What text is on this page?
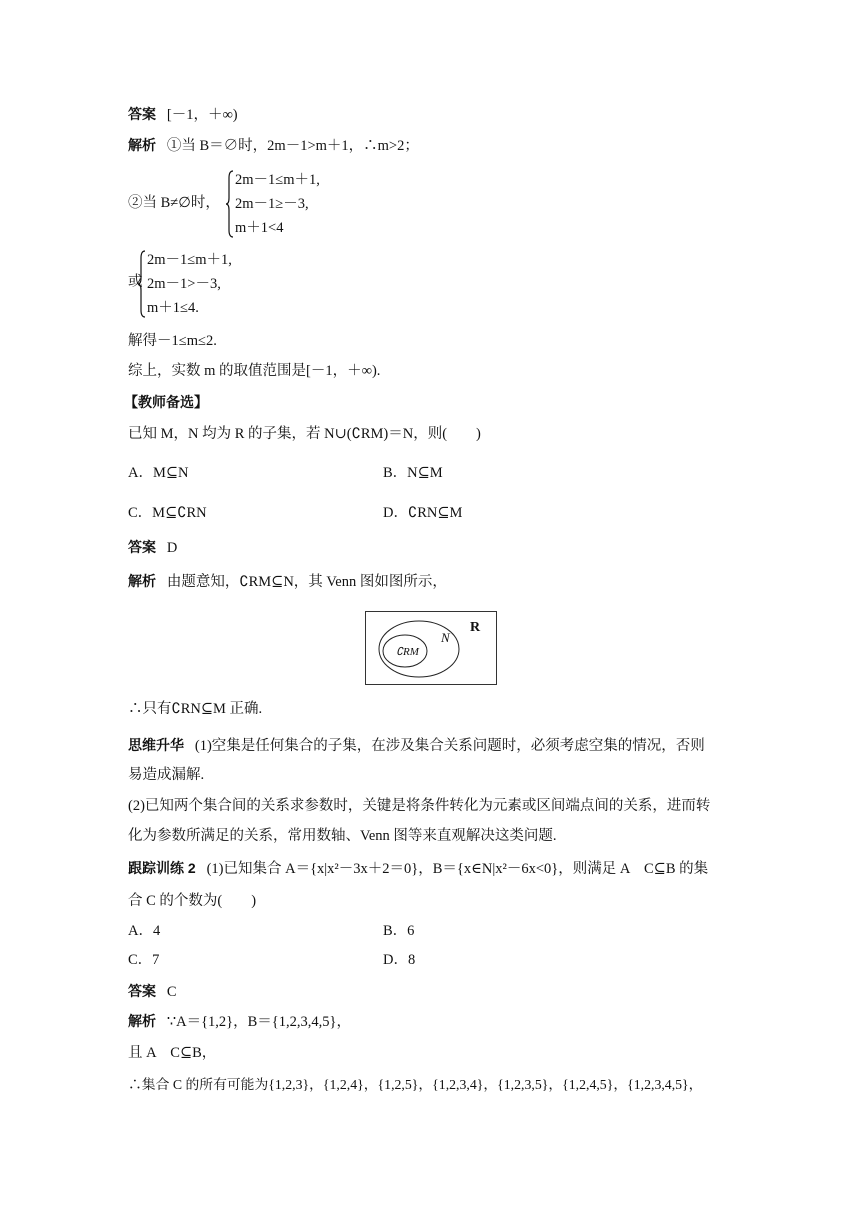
答案 [－1，＋∞)
解析 ①当 B＝∅时，2m－1>m＋1，∴m>2；
②当 B≠∅时，
2m－1≤m＋1,
2m－1≥－3,
m＋1<4
或
2m－1≤m＋1,
2m－1>－3,
m＋1≤4.
解得－1≤m≤2.
综上，实数 m 的取值范围是[－1，＋∞).
【教师备选】
已知 M，N 均为 R 的子集，若 N∪(∁RM)＝N，则(　　)
A．M⊆N	B．N⊆M
C．M⊆∁RN	D．∁RN⊆M
答案 D
解析 由题意知，∁RM⊆N，其 Venn 图如图所示，
R
N
∁RM
∴只有∁RN⊆M 正确.
思维升华 (1)空集是任何集合的子集，在涉及集合关系问题时，必须考虑空集的情况，否则
易造成漏解.
(2)已知两个集合间的关系求参数时，关键是将条件转化为元素或区间端点间的关系，进而转
化为参数所满足的关系，常用数轴、Venn 图等来直观解决这类问题.
跟踪训练 2 (1)已知集合 A＝{x|x²－3x＋2＝0}，B＝{x∈N|x²－6x<0}，则满足 A　C⊆B 的集
合 C 的个数为(　　)
A．4	B．6
C．7	D．8
答案 C
解析 ∵A＝{1,2}，B＝{1,2,3,4,5}，
且 A　C⊆B，
∴集合 C 的所有可能为{1,2,3}，{1,2,4}，{1,2,5}，{1,2,3,4}，{1,2,3,5}，{1,2,4,5}，{1,2,3,4,5}，
